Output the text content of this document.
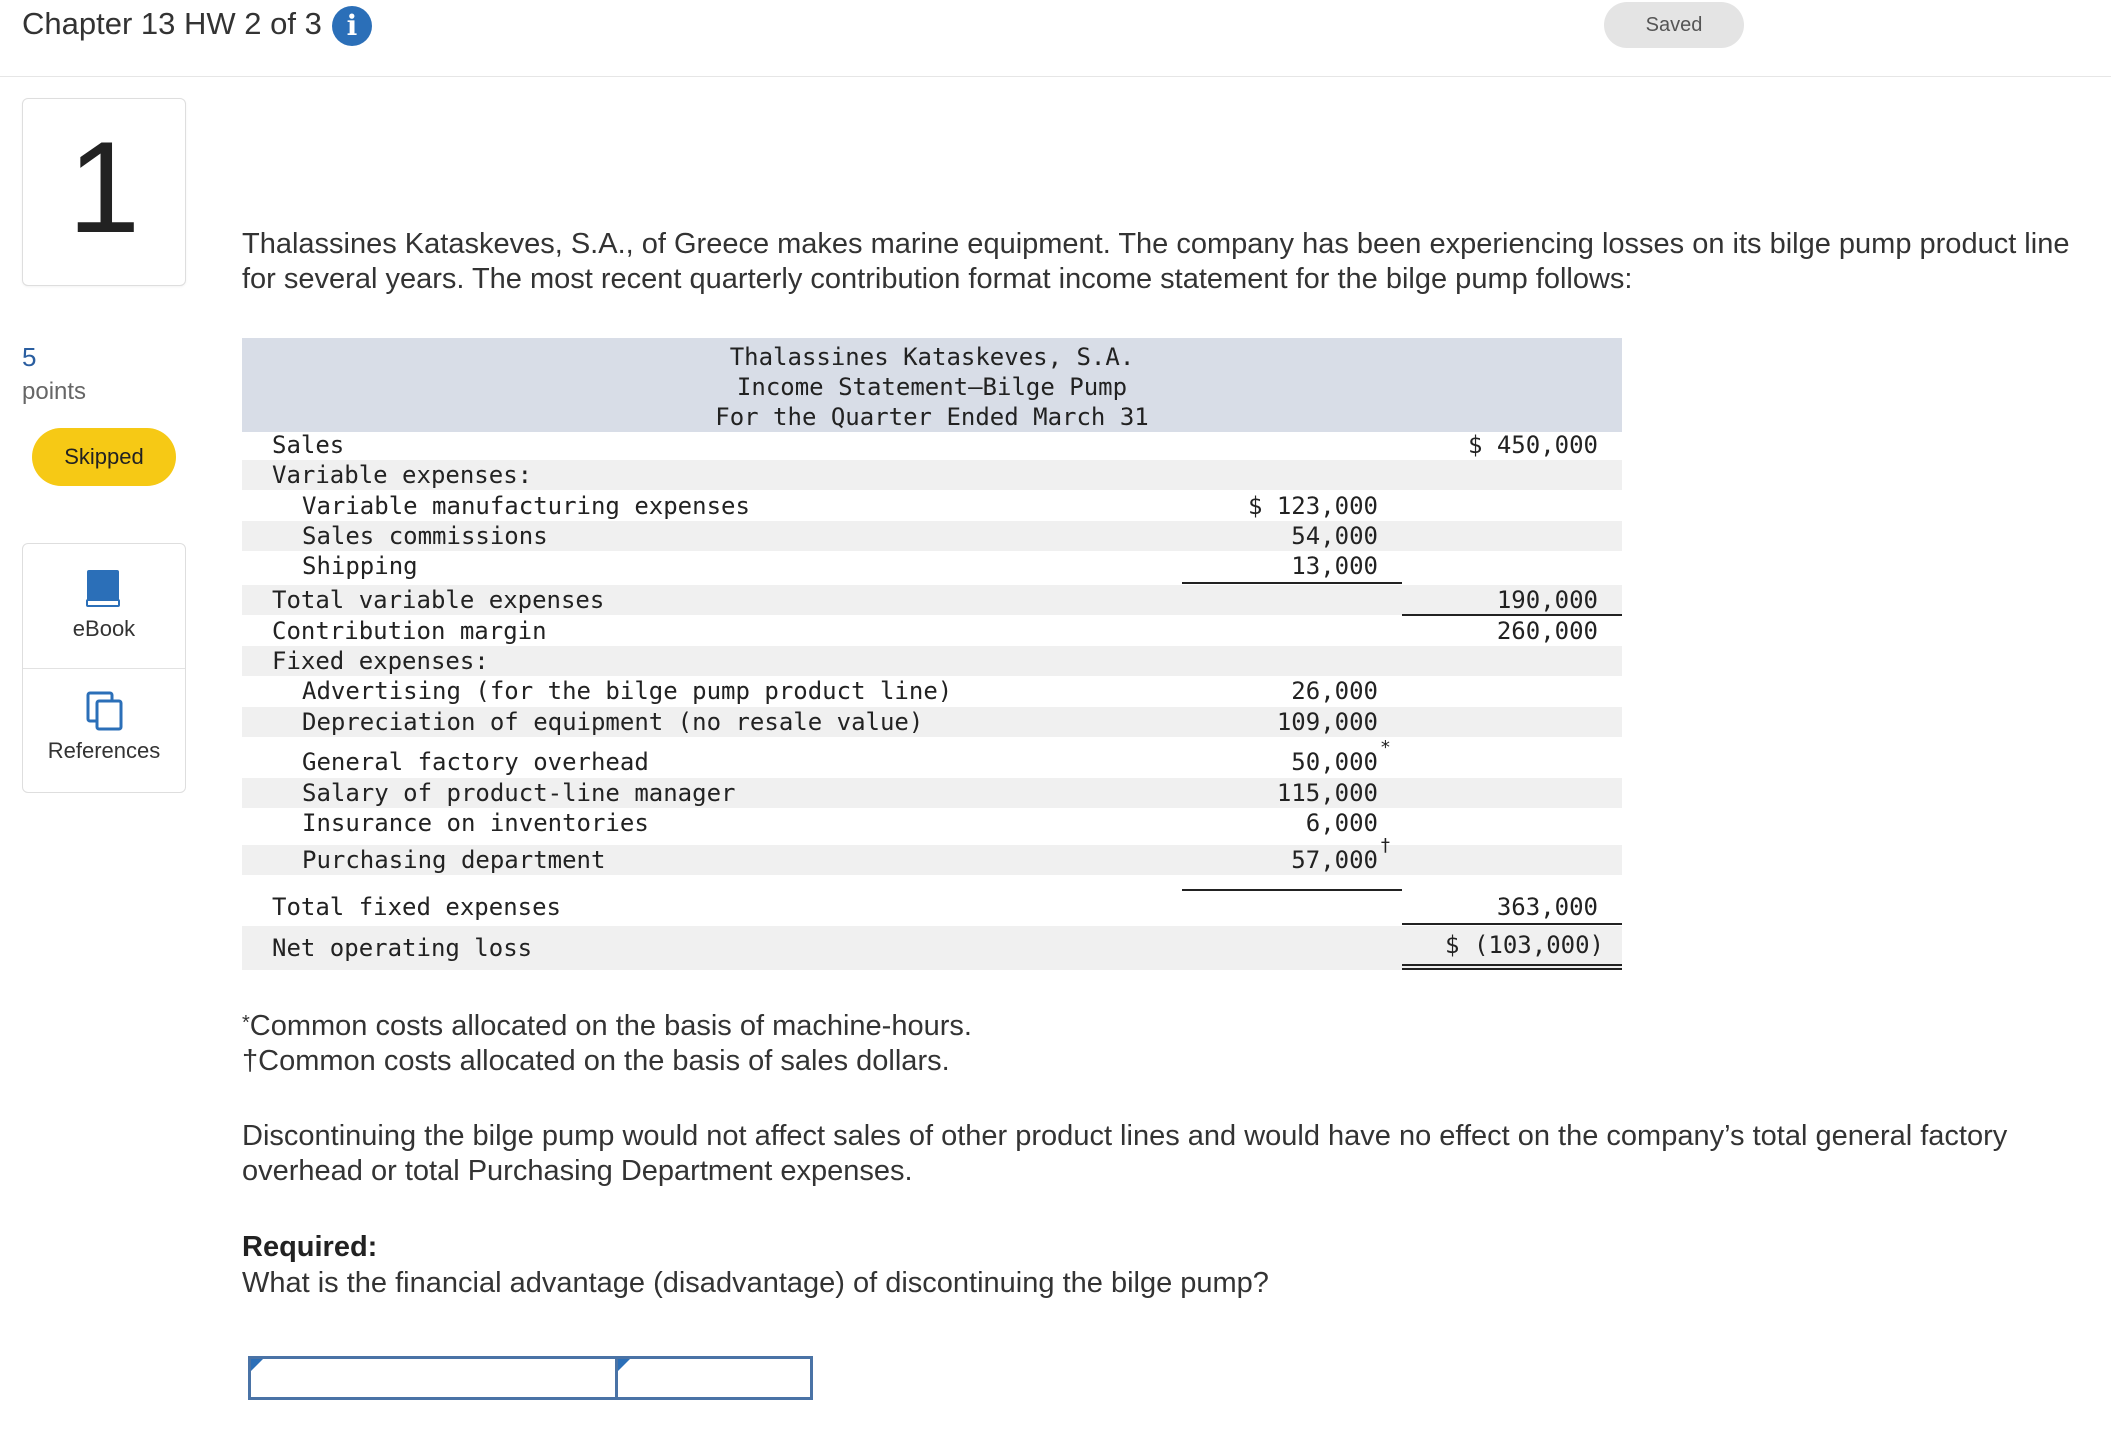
Chapter 13 HW 2 of 3 i	Saved
1
5
points
Skipped
eBook
References
Thalassines Kataskeves, S.A., of Greece makes marine equipment. The company has been experiencing losses on its bilge pump product line for several years. The most recent quarterly contribution format income statement for the bilge pump follows:
Thalassines Kataskeves, S.A.
Income Statement—Bilge Pump
For the Quarter Ended March 31
Sales	$ 450,000
Variable expenses:
Variable manufacturing expenses	$ 123,000
Sales commissions	54,000
Shipping	13,000
Total variable expenses	190,000
Contribution margin	260,000
Fixed expenses:
Advertising (for the bilge pump product line)	26,000
Depreciation of equipment (no resale value)	109,000
General factory overhead	50,000
*
Salary of product-line manager	115,000
Insurance on inventories	6,000
Purchasing department	57,000
†
Total fixed expenses	363,000
Net operating loss	$ (103,000)
*Common costs allocated on the basis of machine-hours.
†Common costs allocated on the basis of sales dollars.
Discontinuing the bilge pump would not affect sales of other product lines and would have no effect on the company’s total general factory overhead or total Purchasing Department expenses.
Required:
What is the financial advantage (disadvantage) of discontinuing the bilge pump?
